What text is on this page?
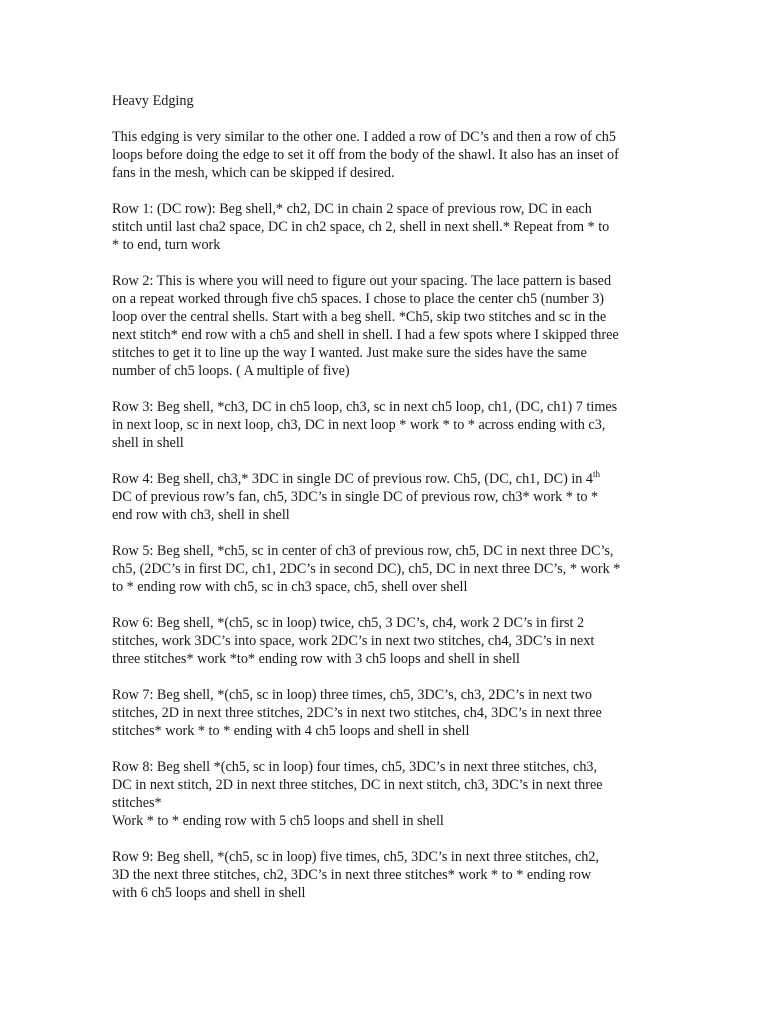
Heavy Edging
This edging is very similar to the other one. I added a row of DC’s and then a row of ch5
loops before doing the edge to set it off from the body of the shawl. It also has an inset of
fans in the mesh, which can be skipped if desired.
Row 1: (DC row): Beg shell,* ch2, DC in chain 2 space of previous row, DC in each
stitch until last cha2 space, DC in ch2 space, ch 2, shell in next shell.* Repeat from * to
* to end, turn work
Row 2: This is where you will need to figure out your spacing. The lace pattern is based
on a repeat worked through five ch5 spaces. I chose to place the center ch5 (number 3)
loop over the central shells. Start with a beg shell. *Ch5, skip two stitches and sc in the
next stitch* end row with a ch5 and shell in shell. I had a few spots where I skipped three
stitches to get it to line up the way I wanted. Just make sure the sides have the same
number of ch5 loops. ( A multiple of five)
Row 3: Beg shell, *ch3, DC in ch5 loop, ch3, sc in next ch5 loop, ch1, (DC, ch1) 7 times
in next loop, sc in next loop, ch3, DC in next loop * work * to * across ending with c3,
shell in shell
Row 4: Beg shell, ch3,* 3DC in single DC of previous row. Ch5, (DC, ch1, DC) in 4th
DC of previous row’s fan, ch5, 3DC’s in single DC of previous row, ch3* work * to *
end row with ch3, shell in shell
Row 5: Beg shell, *ch5, sc in center of ch3 of previous row, ch5, DC in next three DC’s,
ch5, (2DC’s in first DC, ch1, 2DC’s in second DC), ch5, DC in next three DC’s, * work *
to * ending row with ch5, sc in ch3 space, ch5, shell over shell
Row 6: Beg shell, *(ch5, sc in loop) twice, ch5, 3 DC’s, ch4, work 2 DC’s in first 2
stitches, work 3DC’s into space, work 2DC’s in next two stitches, ch4, 3DC’s in next
three stitches* work *to* ending row with 3 ch5 loops and shell in shell
Row 7: Beg shell, *(ch5, sc in loop) three times, ch5, 3DC’s, ch3, 2DC’s in next two
stitches, 2D in next three stitches, 2DC’s in next two stitches, ch4, 3DC’s in next three
stitches* work * to * ending with 4 ch5 loops and shell in shell
Row 8: Beg shell *(ch5, sc in loop) four times, ch5, 3DC’s in next three stitches, ch3,
DC in next stitch, 2D in next three stitches, DC in next stitch, ch3, 3DC’s in next three
stitches*
Work * to * ending row with 5 ch5 loops and shell in shell
Row 9: Beg shell, *(ch5, sc in loop) five times, ch5, 3DC’s in next three stitches, ch2,
3D the next three stitches, ch2, 3DC’s in next three stitches* work * to * ending row
with 6 ch5 loops and shell in shell
